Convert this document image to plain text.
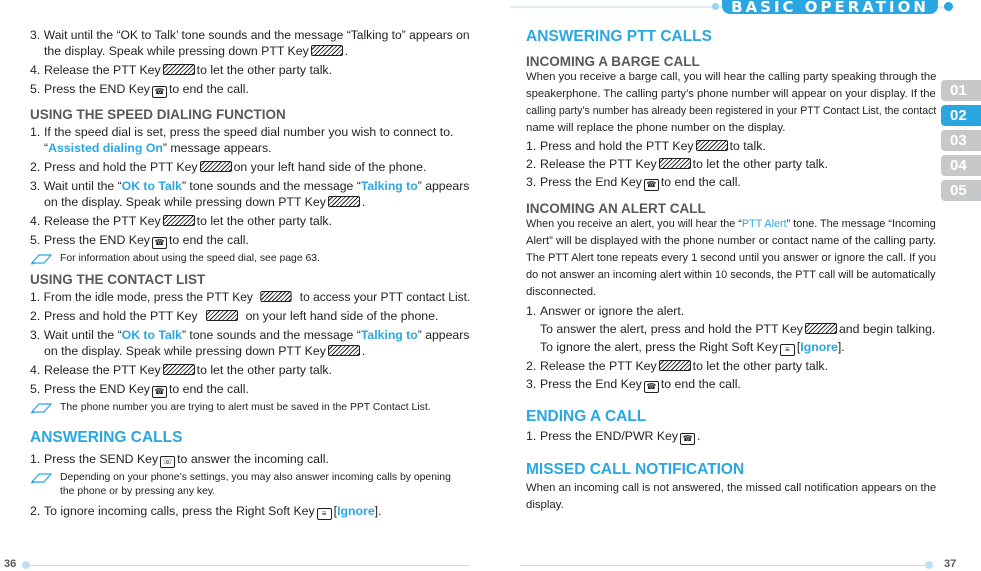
BASIC OPERATION
01
02
03
04
05
3. Wait until the “OK to Talk’ tone sounds and the message “Talking to” appears on
the display. Speak while pressing down PTT Key	.
4. Release the PTT Key	to let the other party talk.
5. Press the END Key ☎ to end the call.
USING THE SPEED DIALING FUNCTION
1. If the speed dial is set, press the speed dial number you wish to connect to.
“Assisted dialing On” message appears.
2. Press and hold the PTT Key	on your left hand side of the phone.
3. Wait until the “OK to Talk” tone sounds and the message “Talking to” appears
on the display. Speak while pressing down PTT Key	.
4. Release the PTT Key	to let the other party talk.
5. Press the END Key ☎ to end the call.
For information about using the speed dial, see page 63.
USING THE CONTACT LIST
1. From the idle mode, press the PTT Key	to access your PTT contact List.
2. Press and hold the PTT Key	on your left hand side of the phone.
3. Wait until the “OK to Talk” tone sounds and the message “Talking to” appears
on the display. Speak while pressing down PTT Key	.
4. Release the PTT Key	to let the other party talk.
5. Press the END Key ☎ to end the call.
The phone number you are trying to alert must be saved in the PPT Contact List.
ANSWERING CALLS
1. Press the SEND Key ☏ to answer the incoming call.
Depending on your phone’s settings, you may also answer incoming calls by opening
the phone or by pressing any key.
2. To ignore incoming calls, press the Right Soft Key ≡ [Ignore].
ANSWERING PTT CALLS
INCOMING A BARGE CALL
When you receive a barge call, you will hear the calling party speaking through the
speakerphone. The calling party’s phone number will appear on your display. If the
calling party’s number has already been registered in your PTT Contact List, the contact
name will replace the phone number on the display.
1. Press and hold the PTT Key	to talk.
2. Release the PTT Key	to let the other party talk.
3. Press the End Key ☎ to end the call.
INCOMING AN ALERT CALL
When you receive an alert, you will hear the “PTT Alert” tone. The message “Incoming
Alert” will be displayed with the phone number or contact name of the calling party.
The PTT Alert tone repeats every 1 second until you answer or ignore the call. If you
do not answer an incoming alert within 10 seconds, the PTT call will be automatically
disconnected.
1. Answer or ignore the alert.
To answer the alert, press and hold the PTT Key	and begin talking.
To ignore the alert, press the Right Soft Key ≡ [Ignore].
2. Release the PTT Key	to let the other party talk.
3. Press the End Key ☎ to end the call.
ENDING A CALL
1. Press the END/PWR Key ☎ .
MISSED CALL NOTIFICATION
When an incoming call is not answered, the missed call notification appears on the
display.
36	37
